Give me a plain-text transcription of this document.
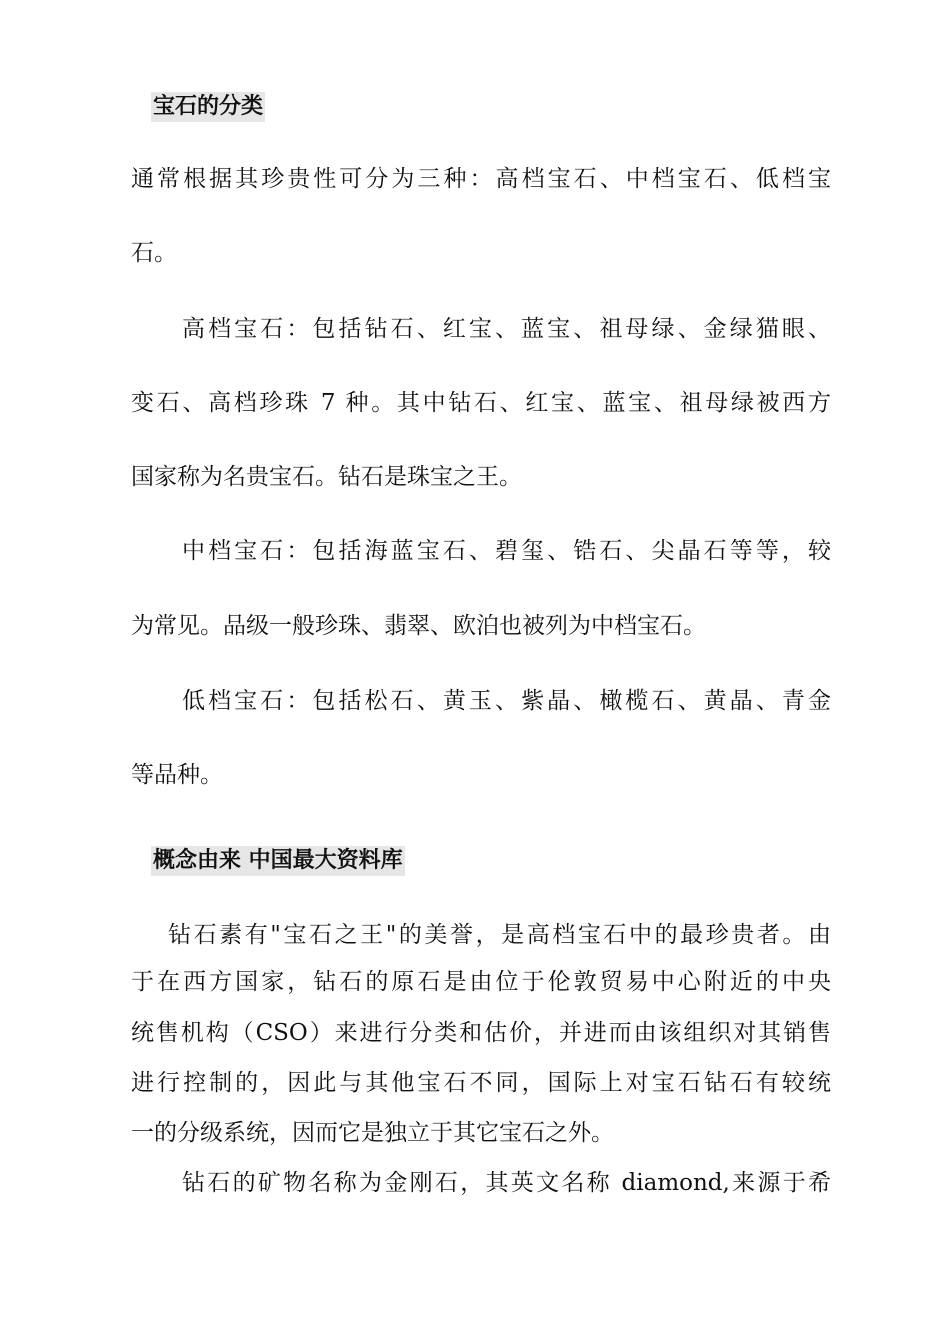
宝石的分类
通常根据其珍贵性可分为三种：高档宝石、中档宝石、低档宝
石。
高档宝石：包括钻石、红宝、蓝宝、祖母绿、金绿猫眼、
变石、高档珍珠 7 种。其中钻石、红宝、蓝宝、祖母绿被西方
国家称为名贵宝石。钻石是珠宝之王。
中档宝石：包括海蓝宝石、碧玺、锆石、尖晶石等等，较
为常见。品级一般珍珠、翡翠、欧泊也被列为中档宝石。
低档宝石：包括松石、黄玉、紫晶、橄榄石、黄晶、青金
等品种。
概念由来 中国最大资料库
钻石素有"宝石之王"的美誉，是高档宝石中的最珍贵者。由
于在西方国家，钻石的原石是由位于伦敦贸易中心附近的中央
统售机构（CSO）来进行分类和估价，并进而由该组织对其销售
进行控制的，因此与其他宝石不同，国际上对宝石钻石有较统
一的分级系统，因而它是独立于其它宝石之外。
钻石的矿物名称为金刚石，其英文名称 diamond,来源于希
